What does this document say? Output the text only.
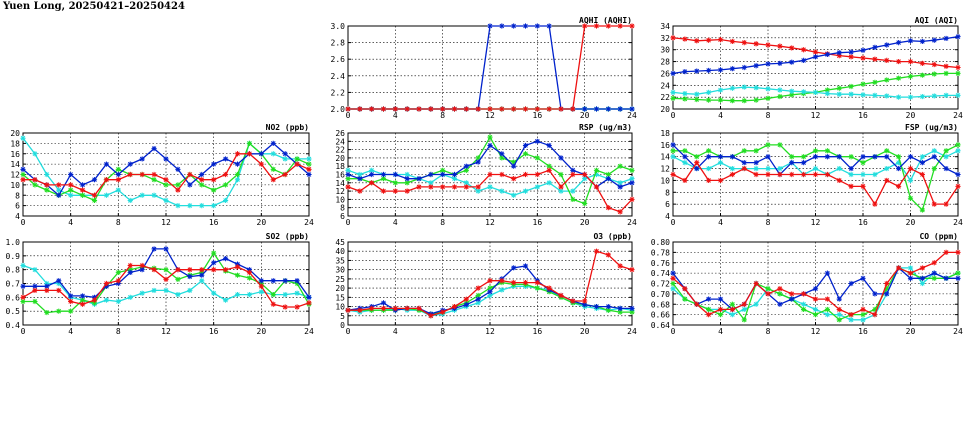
Yuen Long, 20250421–20250424
2.0
2.2
2.4
2.6
2.8
3.0
0	4	8	12	16	20	24
AQHI (AQHI)
20
22
24
26
28
30
32
34
0	4	8	12	16	20	24
AQI (AQI)
4
6
8
10
12
14
16
18
20
0	4	8	12	16	20	24
NO2 (ppb)
6
8
10
12
14
16
18
20
22
24
26
0	4	8	12	16	20	24
RSP (ug/m3)
4
6
8
10
12
14
16
18
0	4	8	12	16	20	24
FSP (ug/m3)
0.4
0.5
0.6
0.7
0.8
0.9
1.0
0	4	8	12	16	20	24
SO2 (ppb)
0
5
10
15
20
25
30
35
40
45
0	4	8	12	16	20	24
O3 (ppb)
0.64
0.66
0.68
0.70
0.72
0.74
0.76
0.78
0.80
0	4	8	12	16	20	24
CO (ppm)
